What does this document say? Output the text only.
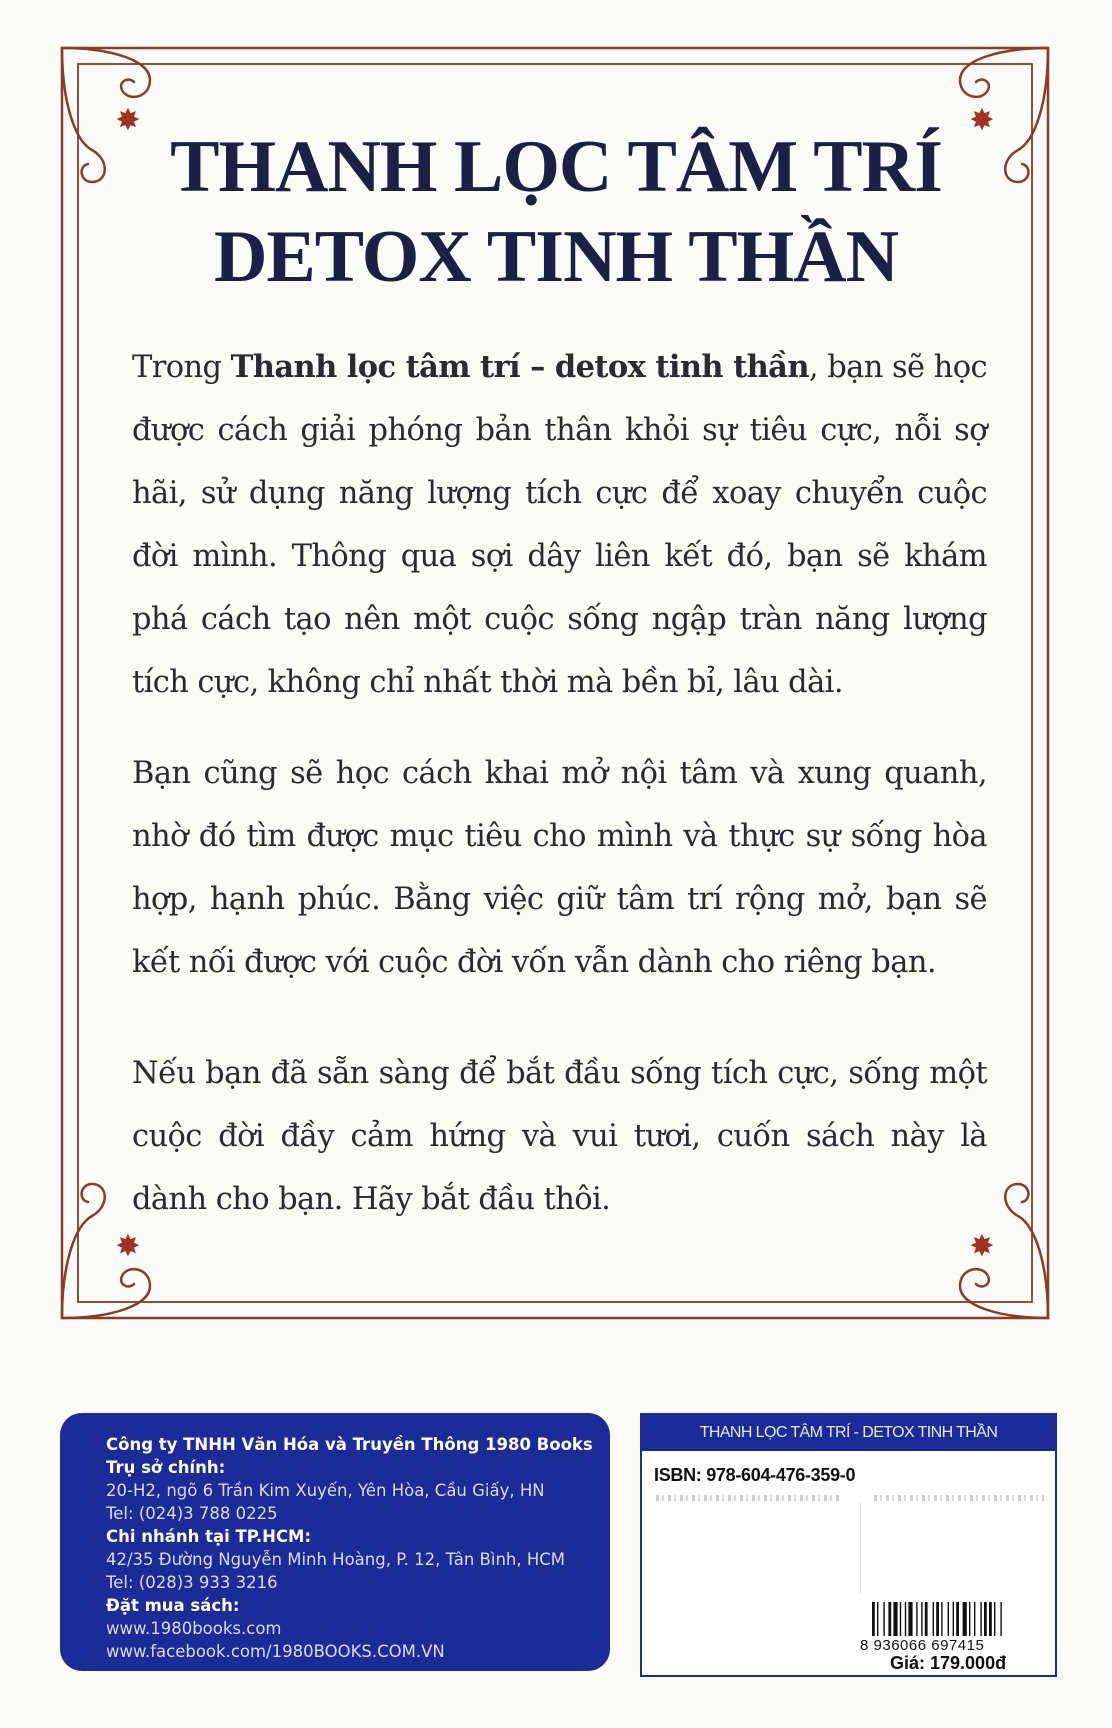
✸	✸
✸	✸
THANH LỌC TÂM TRÍ
DETOX TINH THẦN

Trong Thanh lọc tâm trí – detox tinh thần, bạn sẽ học được cách giải phóng bản thân khỏi sự tiêu cực, nỗi sợ hãi, sử dụng năng lượng tích cực để xoay chuyển cuộc đời mình. Thông qua sợi dây liên kết đó, bạn sẽ khám phá cách tạo nên một cuộc sống ngập tràn năng lượng tích cực, không chỉ nhất thời mà bền bỉ, lâu dài.

Bạn cũng sẽ học cách khai mở nội tâm và xung quanh, nhờ đó tìm được mục tiêu cho mình và thực sự sống hòa hợp, hạnh phúc. Bằng việc giữ tâm trí rộng mở, bạn sẽ kết nối được với cuộc đời vốn vẫn dành cho riêng bạn.

Nếu bạn đã sẵn sàng để bắt đầu sống tích cực, sống một cuộc đời đầy cảm hứng và vui tươi, cuốn sách này là dành cho bạn. Hãy bắt đầu thôi.

Công ty TNHH Văn Hóa và Truyền Thông 1980 Books
Trụ sở chính:
20-H2, ngõ 6 Trần Kim Xuyến, Yên Hòa, Cầu Giấy, HN
Tel: (024)3 788 0225
Chi nhánh tại TP.HCM:
42/35 Đường Nguyễn Minh Hoàng, P. 12, Tân Bình, HCM
Tel: (028)3 933 3216
Đặt mua sách:
www.1980books.com
www.facebook.com/1980BOOKS.COM.VN
THANH LỌC TÂM TRÍ - DETOX TINH THẦN
ISBN: 978-604-476-359-0
8 936066 697415
Giá: 179.000đ
